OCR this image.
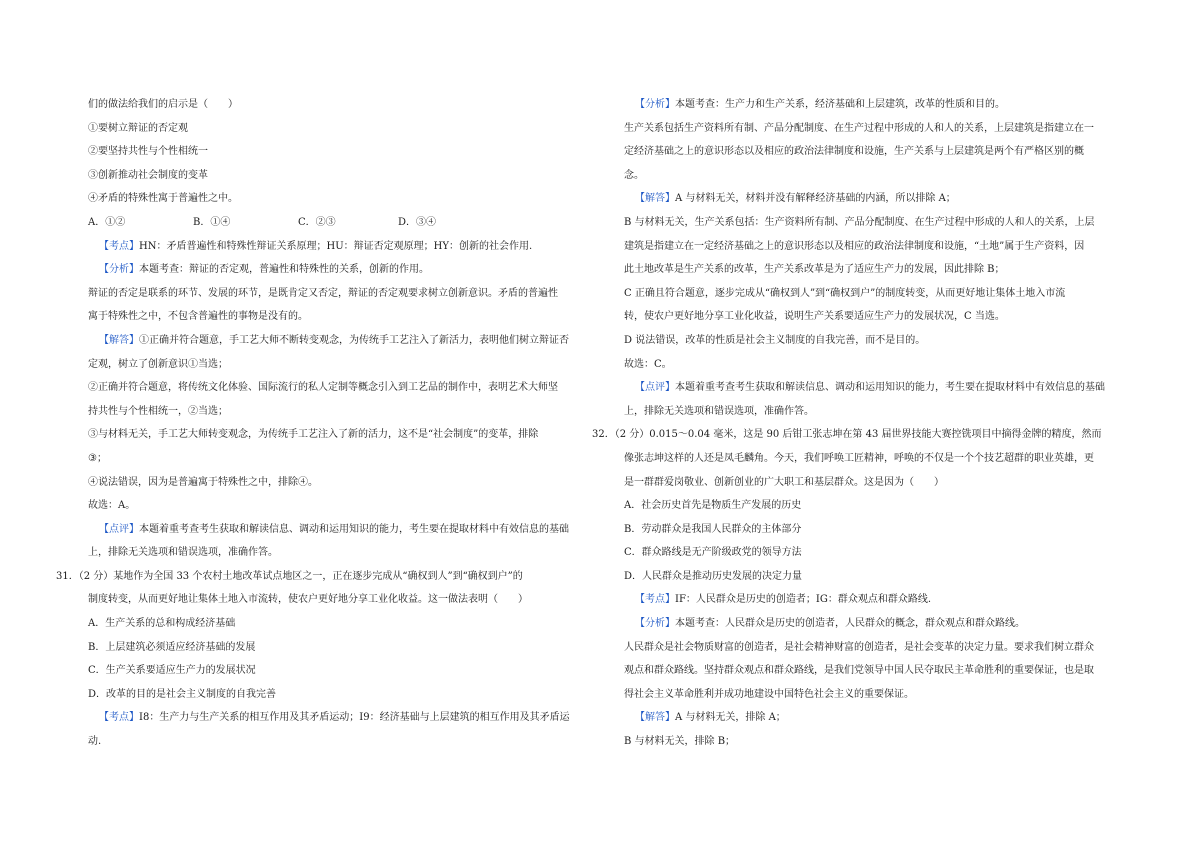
们的做法给我们的启示是（　　）
①要树立辩证的否定观
②要坚持共性与个性相统一
③创新推动社会制度的变革
④矛盾的特殊性寓于普遍性之中。
A．①②	B．①④	C．②③	D．③④
【考点】HN：矛盾普遍性和特殊性辩证关系原理；HU：辩证否定观原理；HY：创新的社会作用.
【分析】本题考查：辩证的否定观，普遍性和特殊性的关系，创新的作用。
辩证的否定是联系的环节、发展的环节，是既肯定又否定，辩证的否定观要求树立创新意识。矛盾的普遍性
寓于特殊性之中，不包含普遍性的事物是没有的。
【解答】①正确并符合题意，手工艺大师不断转变观念，为传统手工艺注入了新活力，表明他们树立辩证否
定观，树立了创新意识①当选；
②正确并符合题意，将传统文化体验、国际流行的私人定制等概念引入到工艺品的制作中，表明艺术大师坚
持共性与个性相统一，②当选；
③与材料无关，手工艺大师转变观念，为传统手工艺注入了新的活力，这不是“社会制度”的变革，排除
③；
④说法错误，因为是普遍寓于特殊性之中，排除④。
故选：A。
【点评】本题着重考查考生获取和解读信息、调动和运用知识的能力，考生要在提取材料中有效信息的基础
上，排除无关选项和错误选项，准确作答。
31．（2 分）某地作为全国 33 个农村土地改革试点地区之一，正在逐步完成从“确权到人”到“确权到户”的
制度转变，从而更好地让集体土地入市流转，使农户更好地分享工业化收益。这一做法表明（　　）
A．生产关系的总和构成经济基础
B．上层建筑必须适应经济基础的发展
C．生产关系要适应生产力的发展状况
D．改革的目的是社会主义制度的自我完善
【考点】I8：生产力与生产关系的相互作用及其矛盾运动；I9：经济基础与上层建筑的相互作用及其矛盾运
动.
【分析】本题考查：生产力和生产关系，经济基础和上层建筑，改革的性质和目的。
生产关系包括生产资料所有制、产品分配制度、在生产过程中形成的人和人的关系，上层建筑是指建立在一
定经济基础之上的意识形态以及相应的政治法律制度和设施，生产关系与上层建筑是两个有严格区别的概
念。
【解答】A 与材料无关，材料并没有解释经济基础的内涵，所以排除 A；
B 与材料无关，生产关系包括：生产资料所有制、产品分配制度、在生产过程中形成的人和人的关系，上层
建筑是指建立在一定经济基础之上的意识形态以及相应的政治法律制度和设施，“土地”属于生产资料，因
此土地改革是生产关系的改革，生产关系改革是为了适应生产力的发展，因此排除 B；
C 正确且符合题意，逐步完成从“确权到人”到“确权到户”的制度转变，从而更好地让集体土地入市流
转，使农户更好地分享工业化收益，说明生产关系要适应生产力的发展状况，C 当选。
D 说法错误，改革的性质是社会主义制度的自我完善，而不是目的。
故选：C。
【点评】本题着重考查考生获取和解读信息、调动和运用知识的能力，考生要在提取材料中有效信息的基础
上，排除无关选项和错误选项，准确作答。
32．（2 分）0.015～0.04 毫米，这是 90 后钳工张志坤在第 43 届世界技能大赛控铣项目中摘得金牌的精度，然而
像张志坤这样的人还是凤毛麟角。今天，我们呼唤工匠精神，呼唤的不仅是一个个技艺超群的职业英雄，更
是一群群爱岗敬业、创新创业的广大职工和基层群众。这是因为（　　）
A．社会历史首先是物质生产发展的历史
B．劳动群众是我国人民群众的主体部分
C．群众路线是无产阶级政党的领导方法
D．人民群众是推动历史发展的决定力量
【考点】IF：人民群众是历史的创造者；IG：群众观点和群众路线.
【分析】本题考查：人民群众是历史的创造者，人民群众的概念，群众观点和群众路线。
人民群众是社会物质财富的创造者，是社会精神财富的创造者，是社会变革的决定力量。要求我们树立群众
观点和群众路线。坚持群众观点和群众路线，是我们党领导中国人民夺取民主革命胜利的重要保证，也是取
得社会主义革命胜利并成功地建设中国特色社会主义的重要保证。
【解答】A 与材料无关，排除 A；
B 与材料无关，排除 B；
